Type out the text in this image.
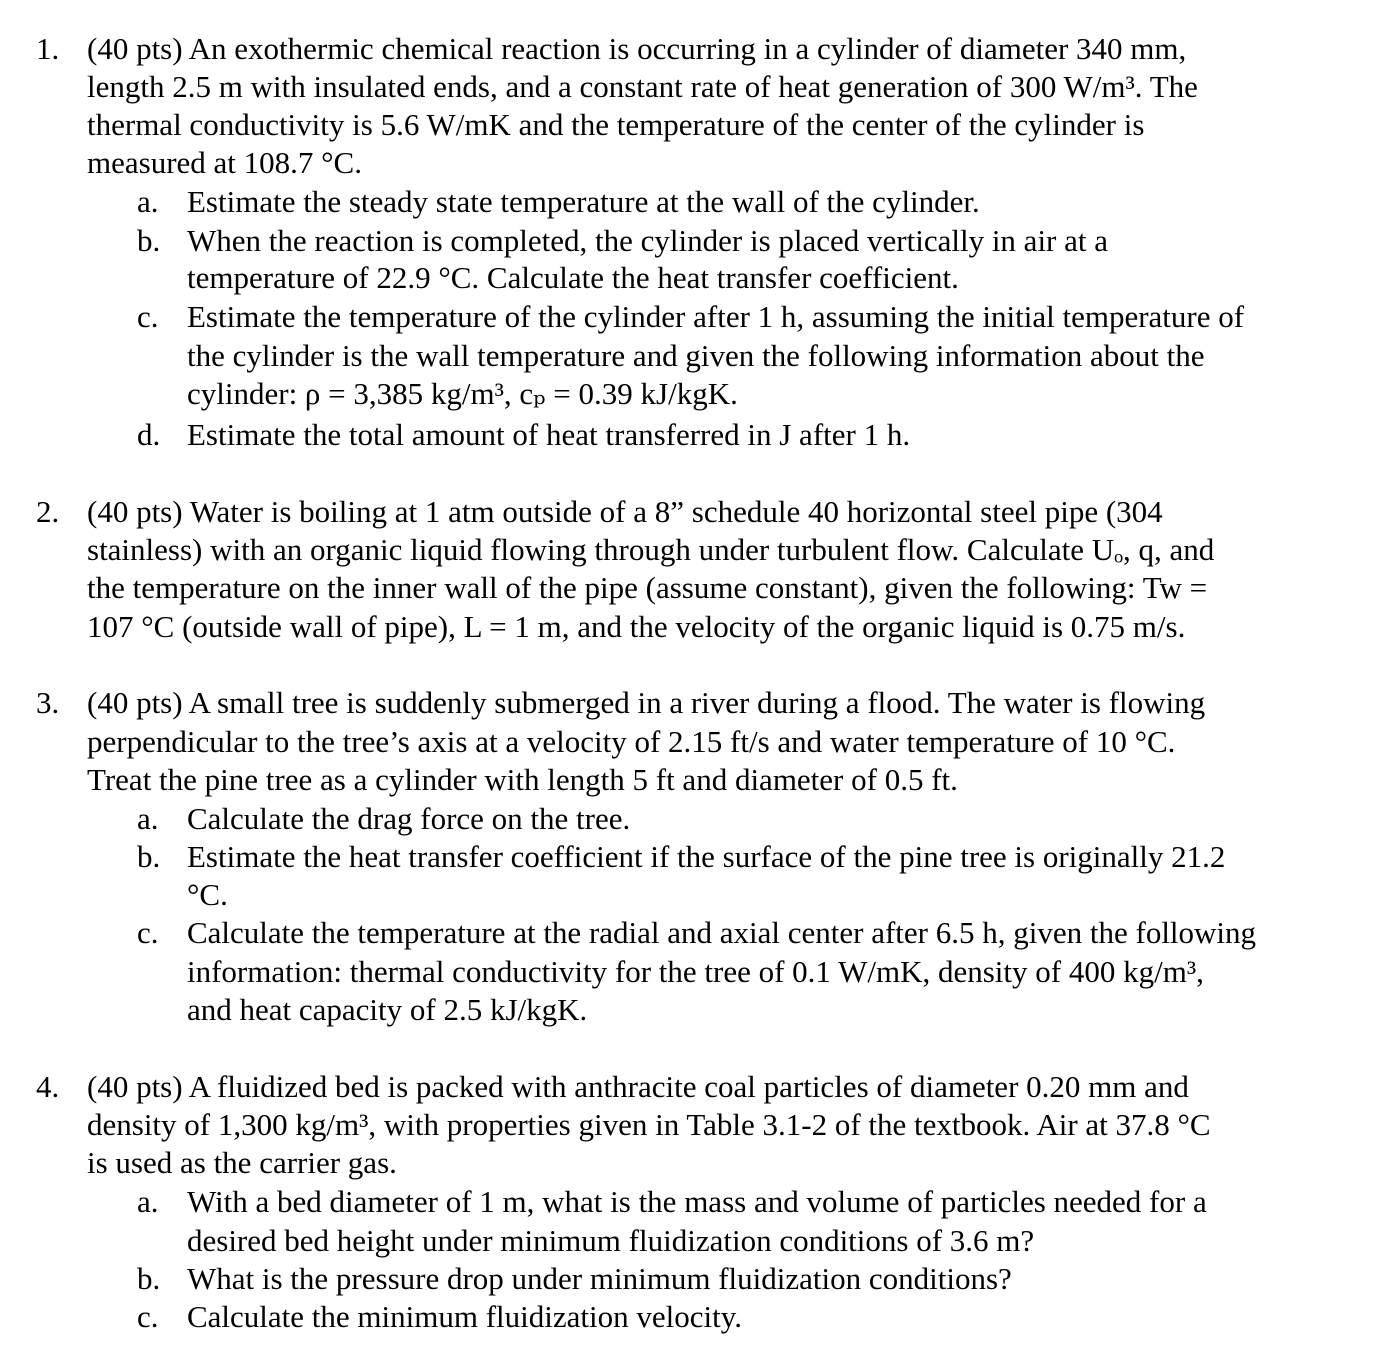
1. (40 pts) An exothermic chemical reaction is occurring in a cylinder of diameter 340 mm,
length 2.5 m with insulated ends, and a constant rate of heat generation of 300 W/m³. The
thermal conductivity is 5.6 W/mK and the temperature of the center of the cylinder is
measured at 108.7 °C.
a. Estimate the steady state temperature at the wall of the cylinder.
b. When the reaction is completed, the cylinder is placed vertically in air at a
temperature of 22.9 °C. Calculate the heat transfer coefficient.
c. Estimate the temperature of the cylinder after 1 h, assuming the initial temperature of
the cylinder is the wall temperature and given the following information about the
cylinder: ρ = 3,385 kg/m³, cₚ = 0.39 kJ/kgK.
d. Estimate the total amount of heat transferred in J after 1 h.
2. (40 pts) Water is boiling at 1 atm outside of a 8” schedule 40 horizontal steel pipe (304
stainless) with an organic liquid flowing through under turbulent flow. Calculate Uₒ, q, and
the temperature on the inner wall of the pipe (assume constant), given the following: Tw =
107 °C (outside wall of pipe), L = 1 m, and the velocity of the organic liquid is 0.75 m/s.
3. (40 pts) A small tree is suddenly submerged in a river during a flood. The water is flowing
perpendicular to the tree’s axis at a velocity of 2.15 ft/s and water temperature of 10 °C.
Treat the pine tree as a cylinder with length 5 ft and diameter of 0.5 ft.
a. Calculate the drag force on the tree.
b. Estimate the heat transfer coefficient if the surface of the pine tree is originally 21.2
°C.
c. Calculate the temperature at the radial and axial center after 6.5 h, given the following
information: thermal conductivity for the tree of 0.1 W/mK, density of 400 kg/m³,
and heat capacity of 2.5 kJ/kgK.
4. (40 pts) A fluidized bed is packed with anthracite coal particles of diameter 0.20 mm and
density of 1,300 kg/m³, with properties given in Table 3.1-2 of the textbook. Air at 37.8 °C
is used as the carrier gas.
a. With a bed diameter of 1 m, what is the mass and volume of particles needed for a
desired bed height under minimum fluidization conditions of 3.6 m?
b. What is the pressure drop under minimum fluidization conditions?
c. Calculate the minimum fluidization velocity.
